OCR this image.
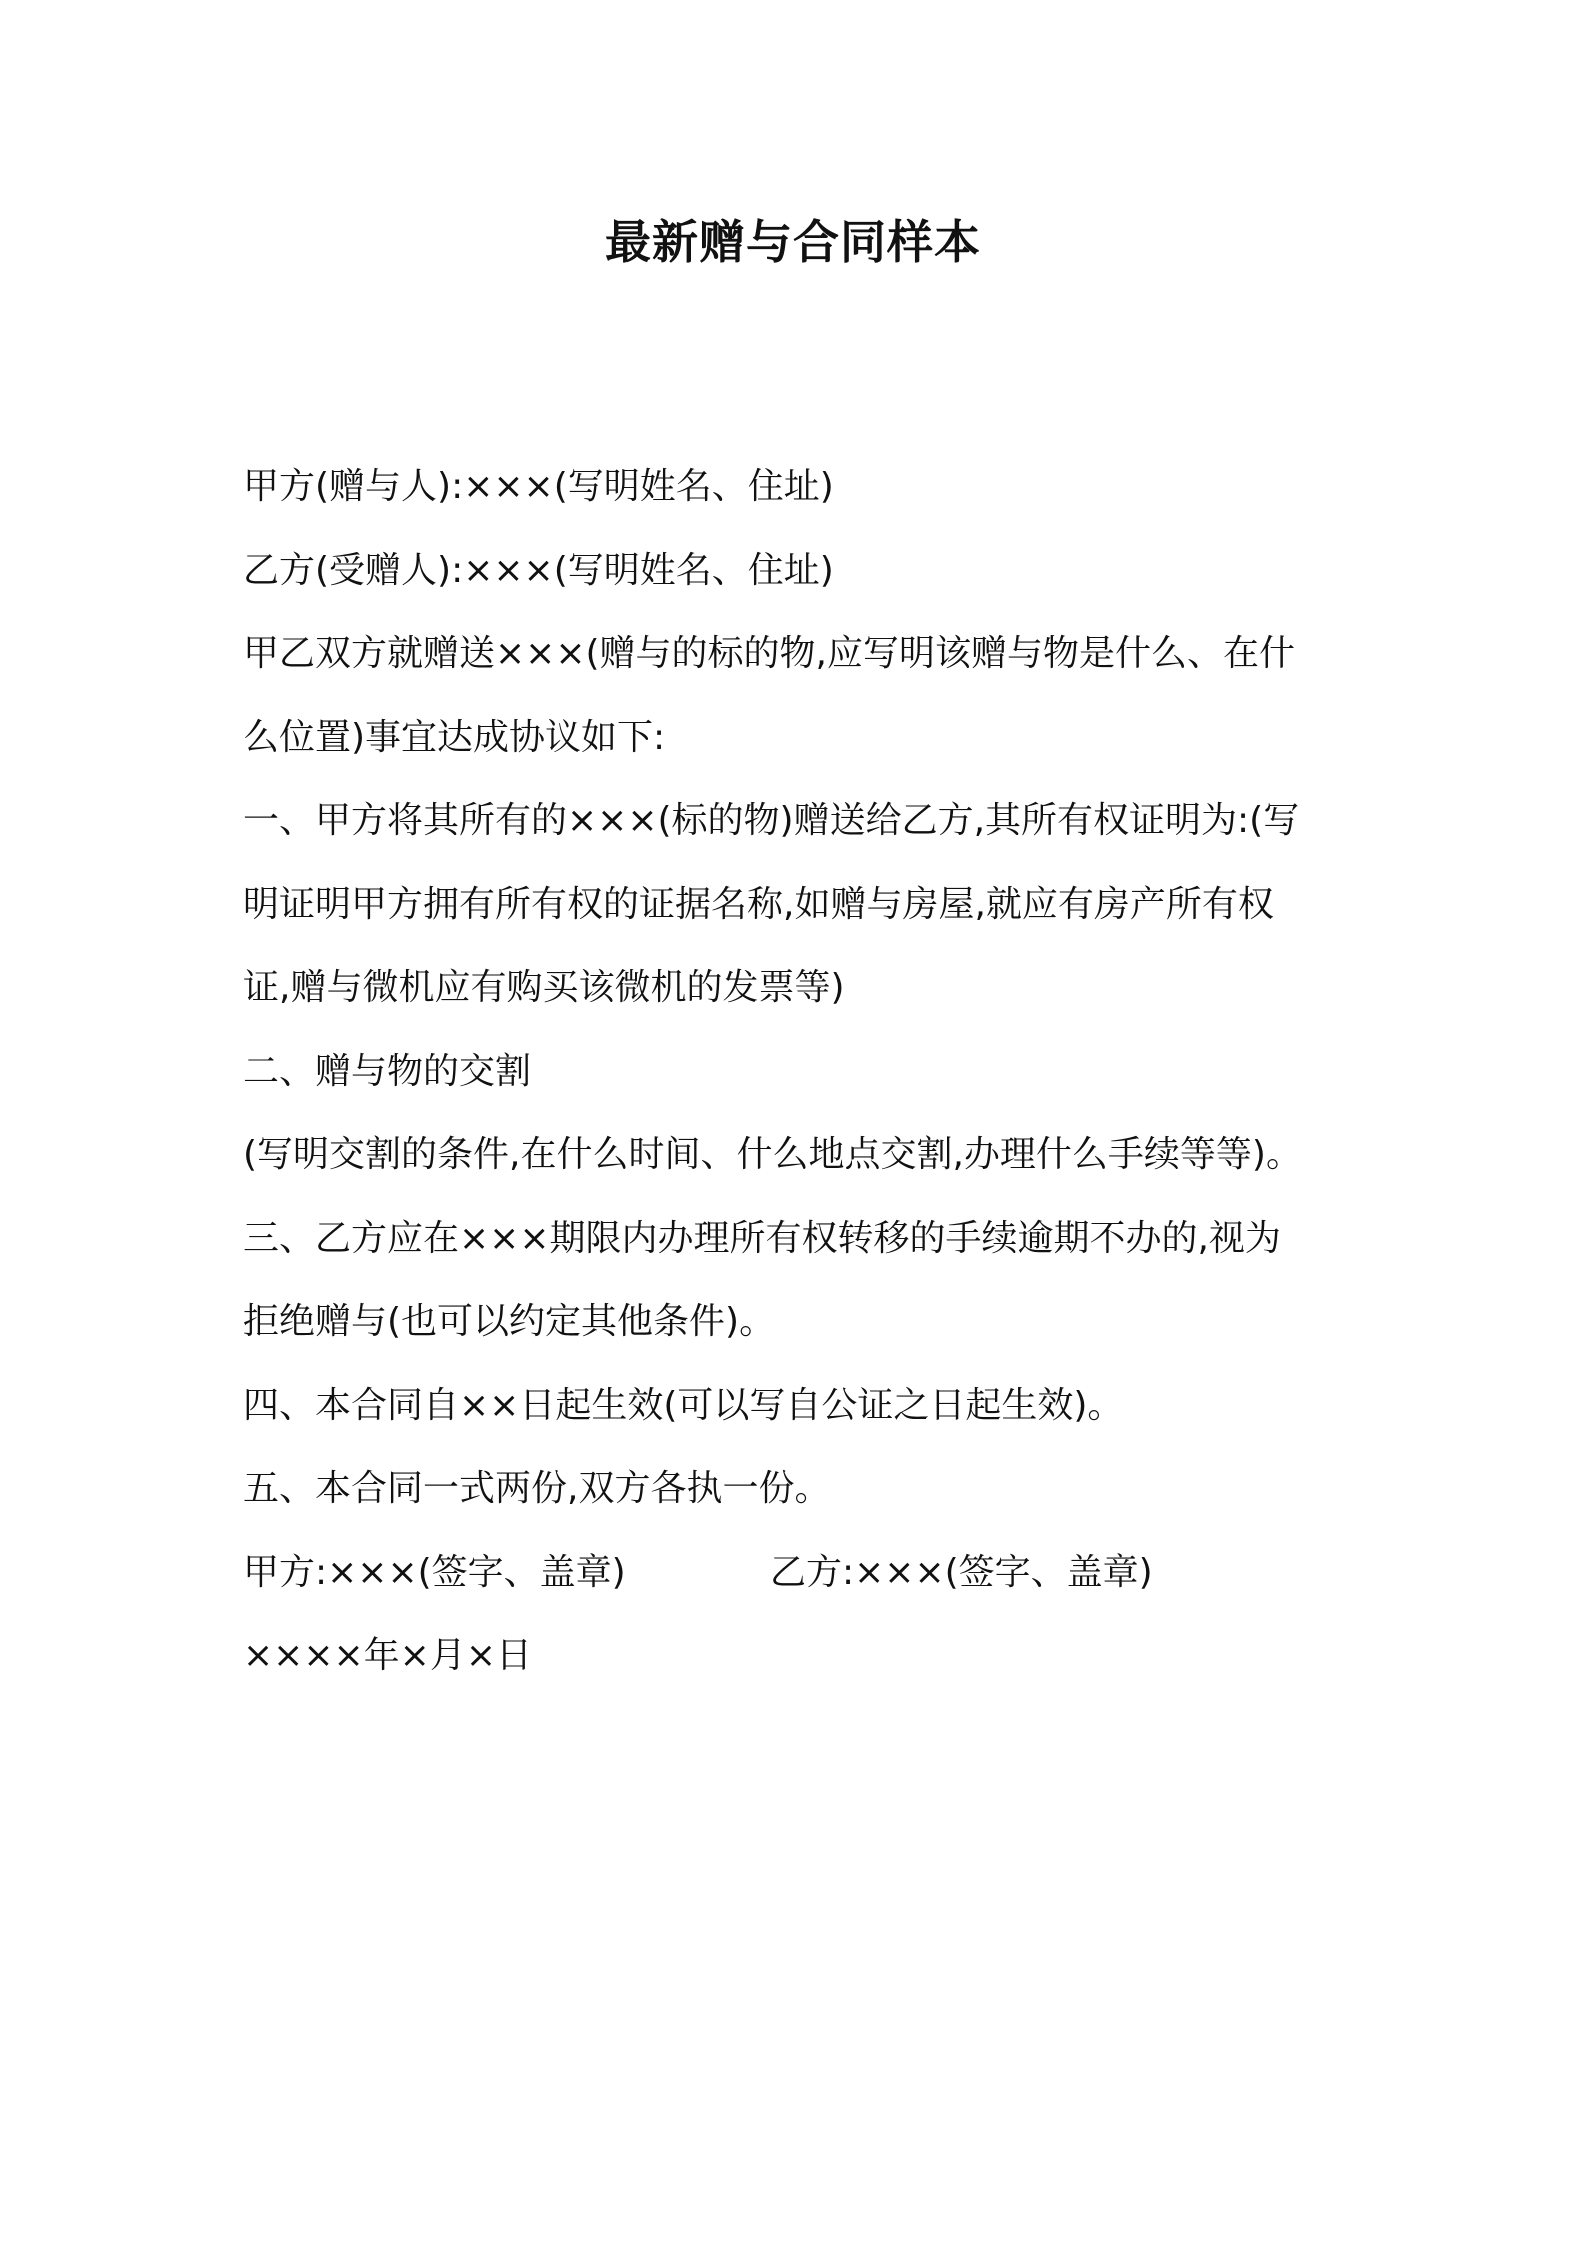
最新赠与合同样本
甲方(赠与人):×××(写明姓名、住址)
乙方(受赠人):×××(写明姓名、住址)
甲乙双方就赠送×××(赠与的标的物,应写明该赠与物是什么、在什
么位置)事宜达成协议如下:
一、甲方将其所有的×××(标的物)赠送给乙方,其所有权证明为:(写
明证明甲方拥有所有权的证据名称,如赠与房屋,就应有房产所有权
证,赠与微机应有购买该微机的发票等)
二、赠与物的交割
(写明交割的条件,在什么时间、什么地点交割,办理什么手续等等)。
三、乙方应在×××期限内办理所有权转移的手续逾期不办的,视为
拒绝赠与(也可以约定其他条件)。
四、本合同自××日起生效(可以写自公证之日起生效)。
五、本合同一式两份,双方各执一份。
甲方:×××(签字、盖章)	乙方:×××(签字、盖章)
××××年×月×日
